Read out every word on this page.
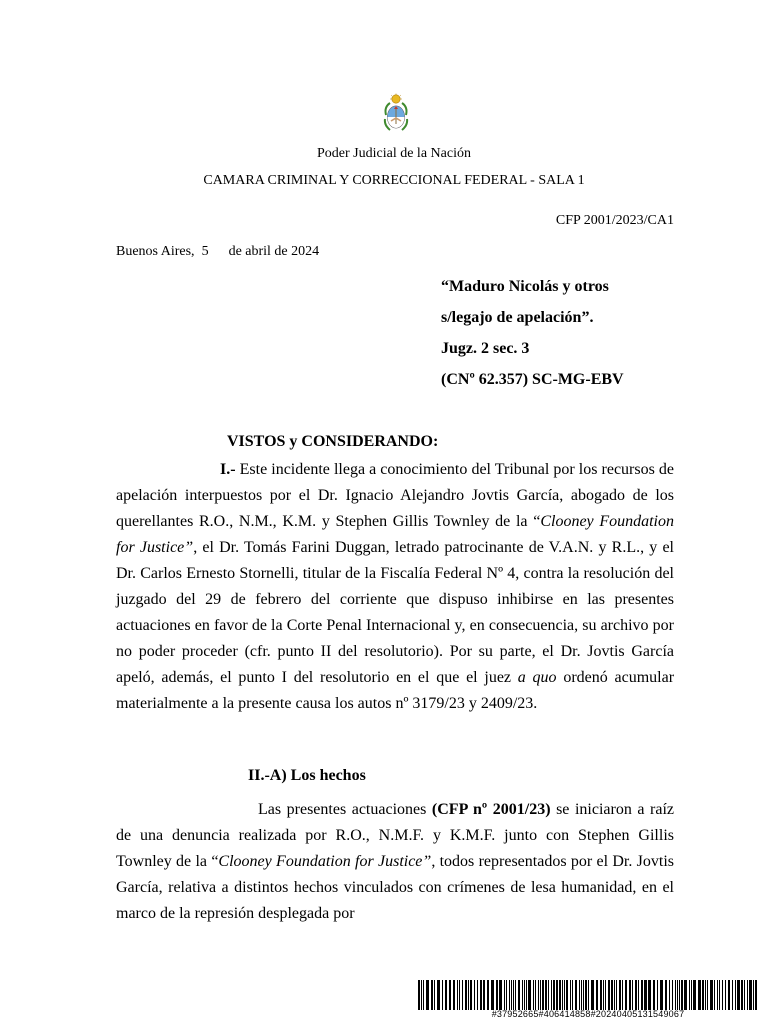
Poder Judicial de la Nación
CAMARA CRIMINAL Y CORRECCIONAL FEDERAL - SALA 1
CFP 2001/2023/CA1
Buenos Aires, 5 de abril de 2024
“Maduro Nicolás y otros
s/legajo de apelación”.
Jugz. 2 sec. 3
(CNº 62.357) SC-MG-EBV
VISTOS y CONSIDERANDO:
I.- Este incidente llega a conocimiento del Tribunal por los recursos de apelación interpuestos por el Dr. Ignacio Alejandro Jovtis García, abogado de los querellantes R.O., N.M., K.M. y Stephen Gillis Townley de la “Clooney Foundation for Justice”, el Dr. Tomás Farini Duggan, letrado patrocinante de V.A.N. y R.L., y el Dr. Carlos Ernesto Stornelli, titular de la Fiscalía Federal Nº 4, contra la resolución del juzgado del 29 de febrero del corriente que dispuso inhibirse en las presentes actuaciones en favor de la Corte Penal Internacional y, en consecuencia, su archivo por no poder proceder (cfr. punto II del resolutorio). Por su parte, el Dr. Jovtis García apeló, además, el punto I del resolutorio en el que el juez a quo ordenó acumular materialmente a la presente causa los autos nº 3179/23 y 2409/23.
II.-A) Los hechos
Las presentes actuaciones (CFP nº 2001/23) se iniciaron a raíz de una denuncia realizada por R.O., N.M.F. y K.M.F. junto con Stephen Gillis Townley de la “Clooney Foundation for Justice”, todos representados por el Dr. Jovtis García, relativa a distintos hechos vinculados con crímenes de lesa humanidad, en el marco de la represión desplegada por
#37952665#406414858#20240405131549067
